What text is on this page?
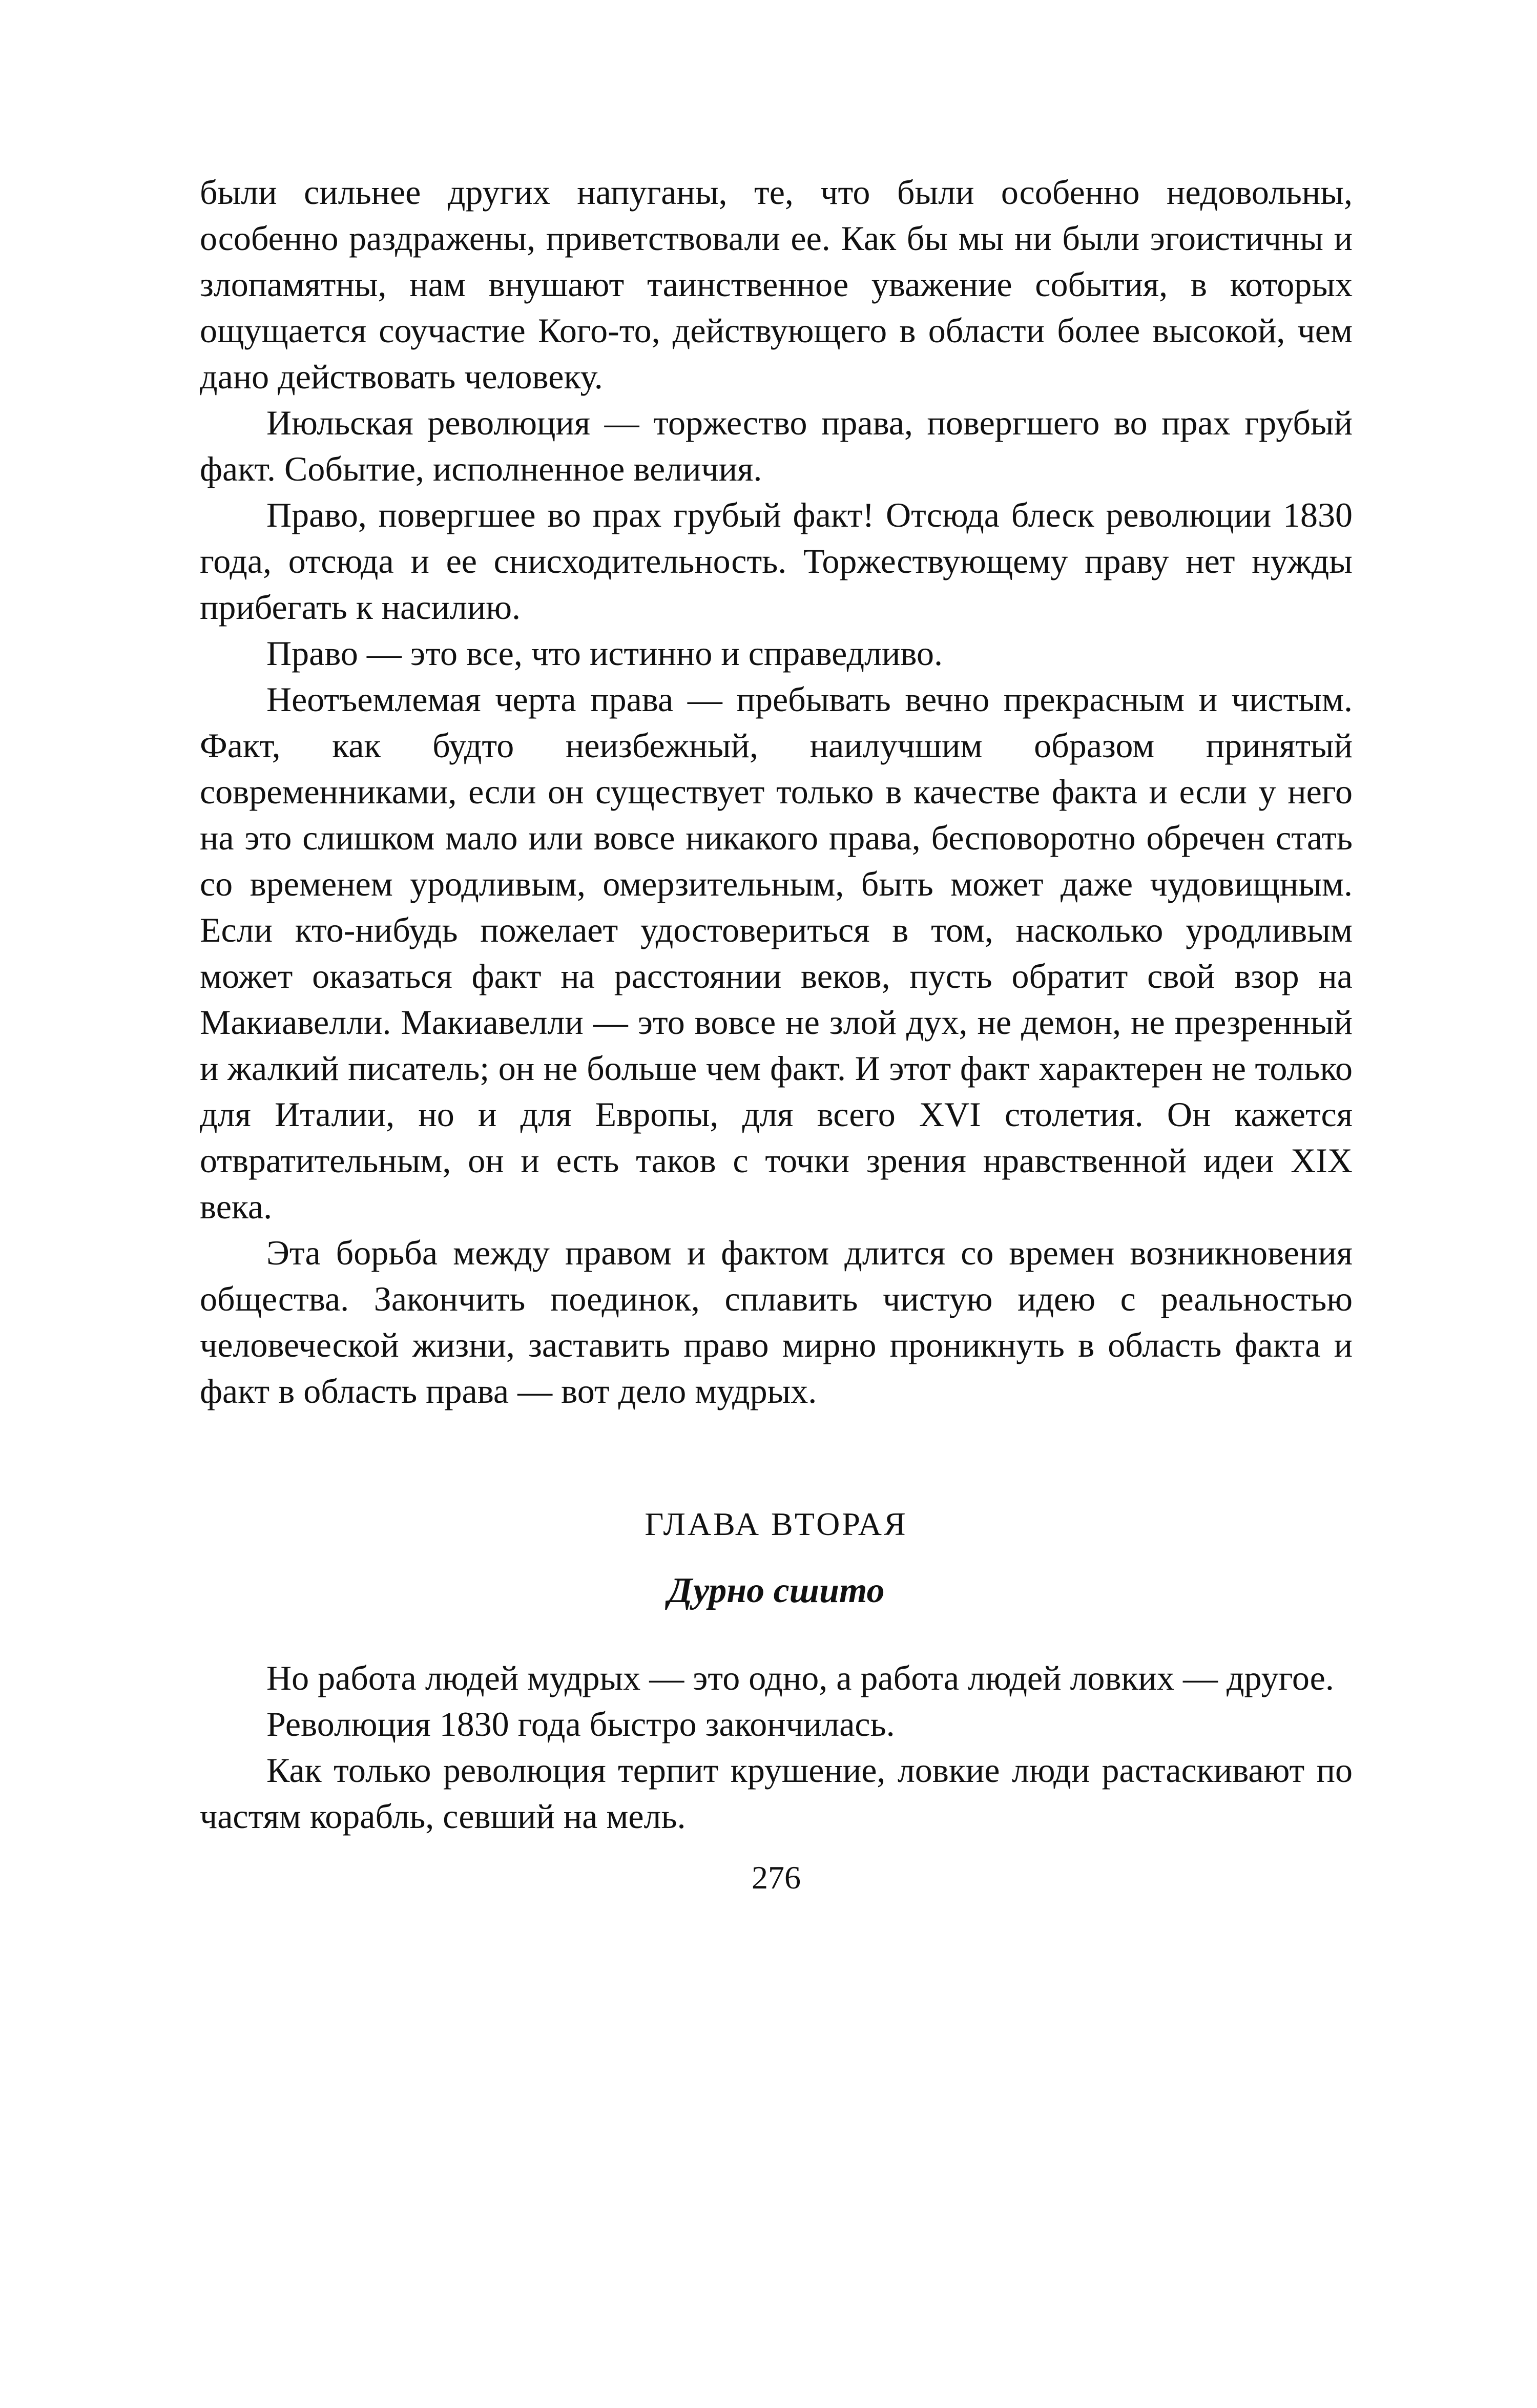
были сильнее других напуганы, те, что были особенно недовольны, особенно раздражены, приветствовали ее. Как бы мы ни были эгоистичны и злопамятны, нам внушают таинственное уважение события, в которых ощущается соучастие Кого-то, действующего в области более высокой, чем дано действовать человеку.

Июльская революция — торжество права, повергшего во прах грубый факт. Событие, исполненное величия.

Право, повергшее во прах грубый факт! Отсюда блеск революции 1830 года, отсюда и ее снисходительность. Торжествующему праву нет нужды прибегать к насилию.

Право — это все, что истинно и справедливо.

Неотъемлемая черта права — пребывать вечно прекрасным и чистым. Факт, как будто неизбежный, наилучшим образом принятый современниками, если он существует только в качестве факта и если у него на это слишком мало или вовсе никакого права, бесповоротно обречен стать со временем уродливым, омерзительным, быть может даже чудовищным. Если кто-нибудь пожелает удостовериться в том, насколько уродливым может оказаться факт на расстоянии веков, пусть обратит свой взор на Макиавелли. Макиавелли — это вовсе не злой дух, не демон, не презренный и жалкий писатель; он не больше чем факт. И этот факт характерен не только для Италии, но и для Европы, для всего XVI столетия. Он кажется отвратительным, он и есть таков с точки зрения нравственной идеи XIX века.

Эта борьба между правом и фактом длится со времен возникновения общества. Закончить поединок, сплавить чистую идею с реальностью человеческой жизни, заставить право мирно проникнуть в область факта и факт в область права — вот дело мудрых.

ГЛАВА ВТОРАЯ
Дурно сшито

Но работа людей мудрых — это одно, а работа людей ловких — другое.

Революция 1830 года быстро закончилась.

Как только революция терпит крушение, ловкие люди растаскивают по частям корабль, севший на мель.

276
